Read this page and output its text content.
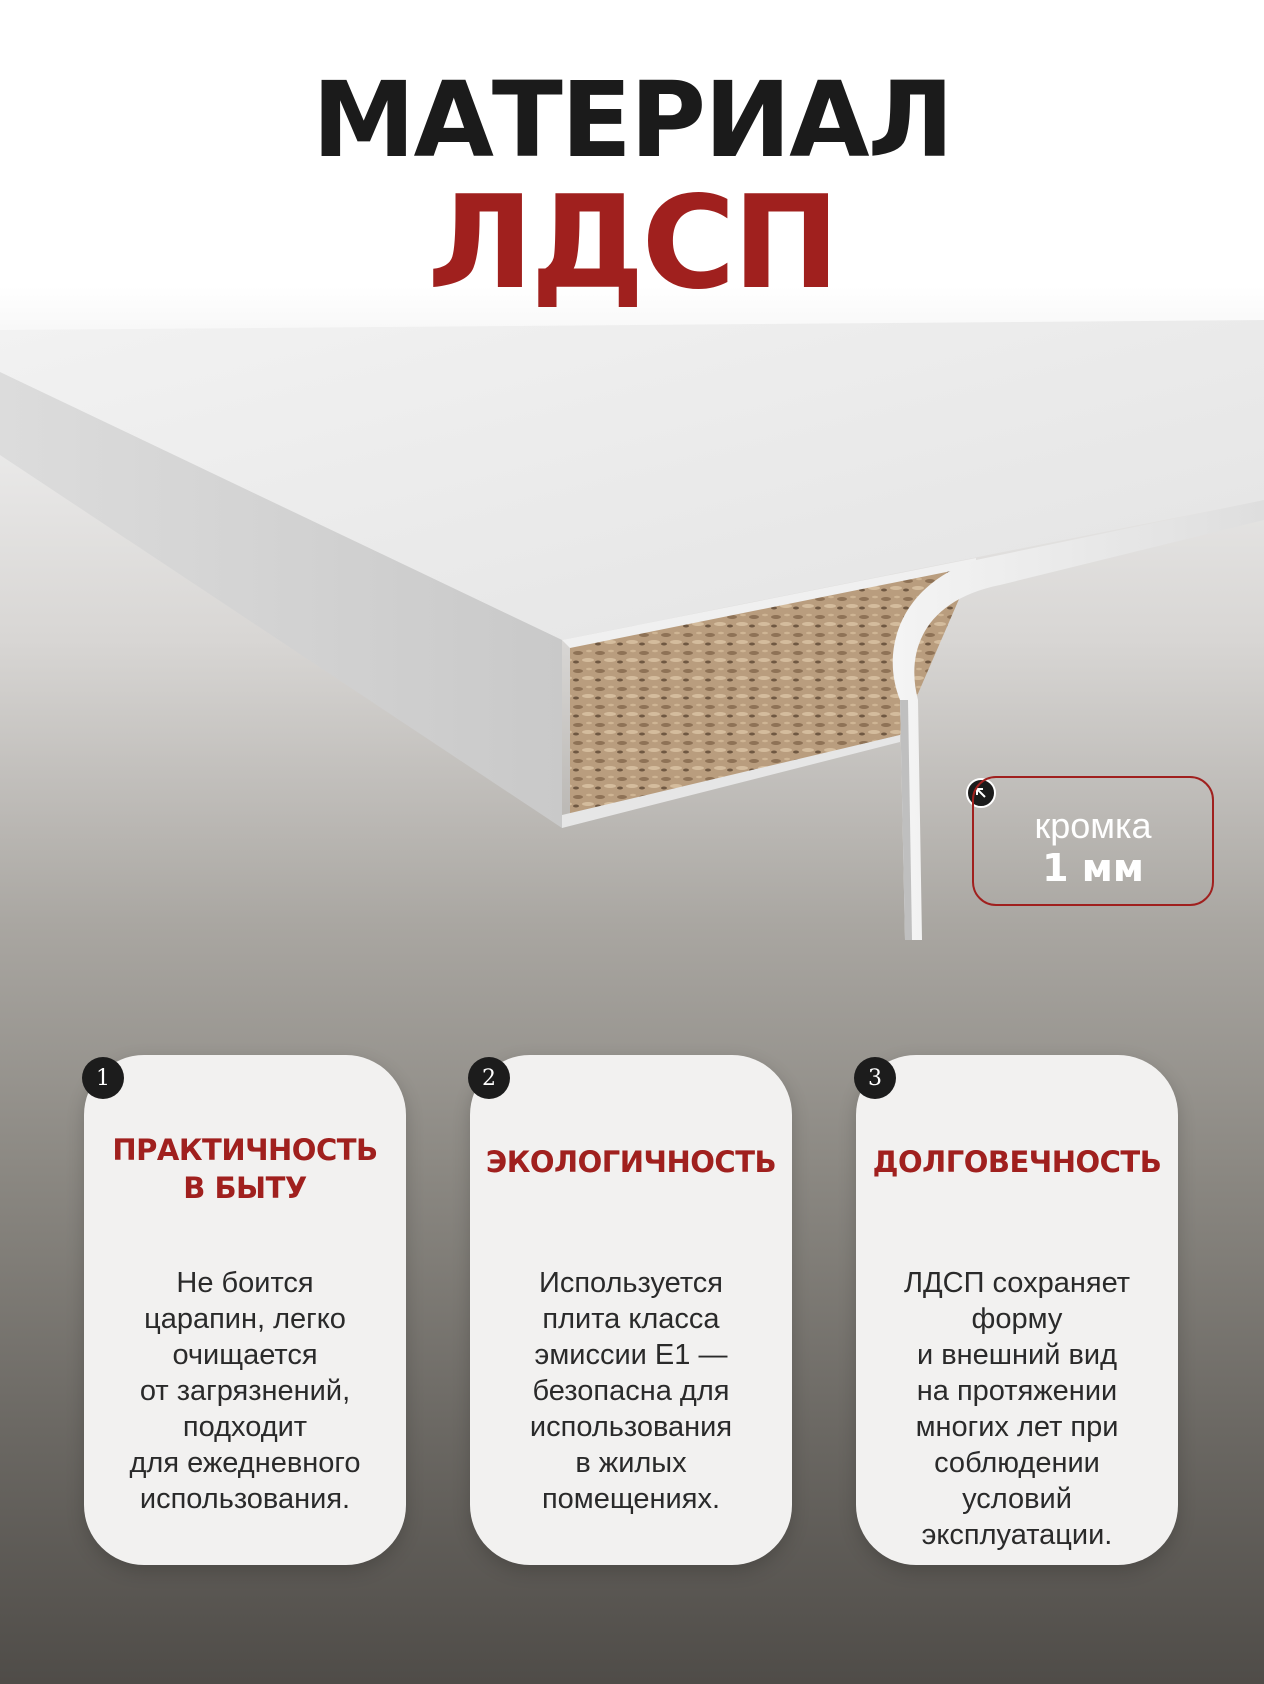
МАТЕРИАЛ
ЛДСП
кромка
1 мм
1
ПРАКТИЧНОСТЬ
В БЫТУ
Не боится
царапин, легко
очищается
от загрязнений,
подходит
для ежедневного
использования.
2
ЭКОЛОГИЧНОСТЬ
Используется
плита класса
эмиссии E1 —
безопасна для
использования
в жилых
помещениях.
3
ДОЛГОВЕЧНОСТЬ
ЛДСП сохраняет
форму
и внешний вид
на протяжении
многих лет при
соблюдении
условий
эксплуатации.
